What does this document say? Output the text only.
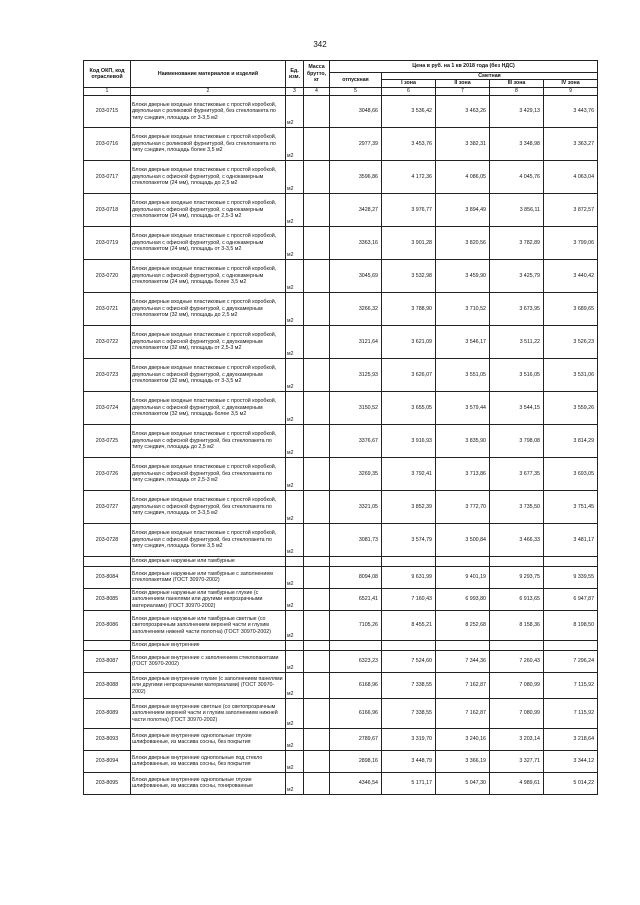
342
Код ОКП, код отраслевой	Наименование материалов и изделий	Ед. изм.	Масса брутто, кг	Цена в руб. на 1 кв 2018 года (без НДС)				
				отпускная	Сметная			
					I зона	II зона	III зона	IV зона
1	2	3	4	5	6	7	8	9
203-0715	Блоки дверные входные пластиковые с простой коробкой, двупольная с роликовой фурнитурой, без стеклопакета по типу сэндвич, площадь от 3-3,5 м2	м2		3048,66	3 536,42	3 463,26	3 429,13	3 443,76
203-0716	Блоки дверные входные пластиковые с простой коробкой, двупольная с роликовой фурнитурой, без стеклопакета по типу сэндвич, площадь более 3,5 м2	м2		2977,39	3 453,76	3 382,31	3 348,98	3 363,27
203-0717	Блоки дверные входные пластиковые с простой коробкой, двупольная с офисной фурнитурой, с однокамерным стеклопакетом (24 мм), площадь до 2,5 м2	м2		3596,86	4 172,36	4 086,05	4 045,76	4 063,04
203-0718	Блоки дверные входные пластиковые с простой коробкой, двупольная с офисной фурнитурой, с однокамерным стеклопакетом (24 мм), площадь от 2,5-3 м2	м2		3428,27	3 976,77	3 894,49	3 856,11	3 872,57
203-0719	Блоки дверные входные пластиковые с простой коробкой, двупольная с офисной фурнитурой, с однокамерным стеклопакетом (24 мм), площадь от 3-3,5 м2	м2		3363,16	3 901,28	3 820,56	3 782,89	3 799,06
203-0720	Блоки дверные входные пластиковые с простой коробкой, двупольная с офисной фурнитурой, с однокамерным стеклопакетом (24 мм), площадь более 3,5 м2	м2		3045,69	3 532,98	3 459,90	3 425,79	3 440,42
203-0721	Блоки дверные входные пластиковые с простой коробкой, двупольная с офисной фурнитурой, с двухкамерным стеклопакетом (32 мм), площадь до 2,5 м2	м2		3266,32	3 788,90	3 710,52	3 673,95	3 689,65
203-0722	Блоки дверные входные пластиковые с простой коробкой, двупольная с офисной фурнитурой, с двухкамерным стеклопакетом (32 мм), площадь от 2,5-3 м2	м2		3121,64	3 621,09	3 546,17	3 511,22	3 526,23
203-0723	Блоки дверные входные пластиковые с простой коробкой, двупольная с офисной фурнитурой, с двухкамерным стеклопакетом (32 мм), площадь от 3-3,5 м2	м2		3125,93	3 626,07	3 551,05	3 516,05	3 531,06
203-0724	Блоки дверные входные пластиковые с простой коробкой, двупольная с офисной фурнитурой, с двухкамерным стеклопакетом (32 мм), площадь более 3,5 м2	м2		3150,52	3 655,05	3 579,44	3 544,15	3 559,26
203-0725	Блоки дверные входные пластиковые с простой коробкой, двупольная с офисной фурнитурой, без стеклопакета по типу сэндвич, площадь до 2,5 м2	м2		3376,67	3 916,93	3 835,90	3 798,08	3 814,29
203-0726	Блоки дверные входные пластиковые с простой коробкой, двупольная с офисной фурнитурой, без стеклопакета по типу сэндвич, площадь от 2,5-3 м2	м2		3269,35	3 792,41	3 713,86	3 677,35	3 693,05
203-0727	Блоки дверные входные пластиковые с простой коробкой, двупольная с офисной фурнитурой, без стеклопакета по типу сэндвич, площадь от 3-3,5 м2	м2		3321,05	3 852,39	3 772,70	3 735,50	3 751,45
203-0728	Блоки дверные входные пластиковые с простой коробкой, двупольная с офисной фурнитурой, без стеклопакета по типу сэндвич, площадь более 3,5 м2	м2		3081,73	3 574,79	3 500,84	3 466,33	3 481,17
	Блоки дверные наружные или тамбурные							
203-8084	Блоки дверные наружные или тамбурные с заполнением стеклопакетами (ГОСТ 30970-2002)	м2		8094,08	9 631,99	9 401,19	9 293,75	9 339,55
203-8085	Блоки дверные наружные или тамбурные глухие (с заполнением панелями или другими непрозрачными материалами) (ГОСТ 30970-2002)	м2		6521,41	7 160,43	6 993,80	6 913,65	6 947,87
203-8086	Блоки дверные наружные или тамбурные светлые (со светопрозрачным заполнением верхней части и глухим заполнением нижней части полотна) (ГОСТ 30970-2002)	м2		7105,26	8 455,21	8 252,68	8 158,36	8 198,50
	Блоки дверные внутренние							
203-8087	Блоки дверные внутренние с заполнением стеклопакетами (ГОСТ 30970-2002)	м2		6323,23	7 524,60	7 344,36	7 260,43	7 296,24
203-8088	Блоки дверные внутренние глухие (с заполнением панелями или другими непрозрачными материалами) (ГОСТ 30970-2002)	м2		6168,96	7 338,55	7 162,87	7 080,99	7 115,92
203-8089	Блоки дверные внутренние светлые (со светопрозрачным заполнением верхней части и глухим заполнением нижней части полотна) (ГОСТ 30970-2002)	м2		6166,96	7 338,55	7 162,87	7 080,99	7 115,92
203-8093	Блоки дверные внутренние однопольные глухие шлифованные, из массива сосны, без покрытия	м2		2789,67	3 319,70	3 240,16	3 203,14	3 218,64
203-8094	Блоки дверные внутренние однопольные под стекло шлифованные, из массива сосны, без покрытия	м2		2898,16	3 448,79	3 366,19	3 327,71	3 344,12
203-8095	Блоки дверные внутренние однопольные глухие шлифованные, из массива сосны, тонированные	м2		4346,54	5 171,17	5 047,30	4 989,61	5 014,22
